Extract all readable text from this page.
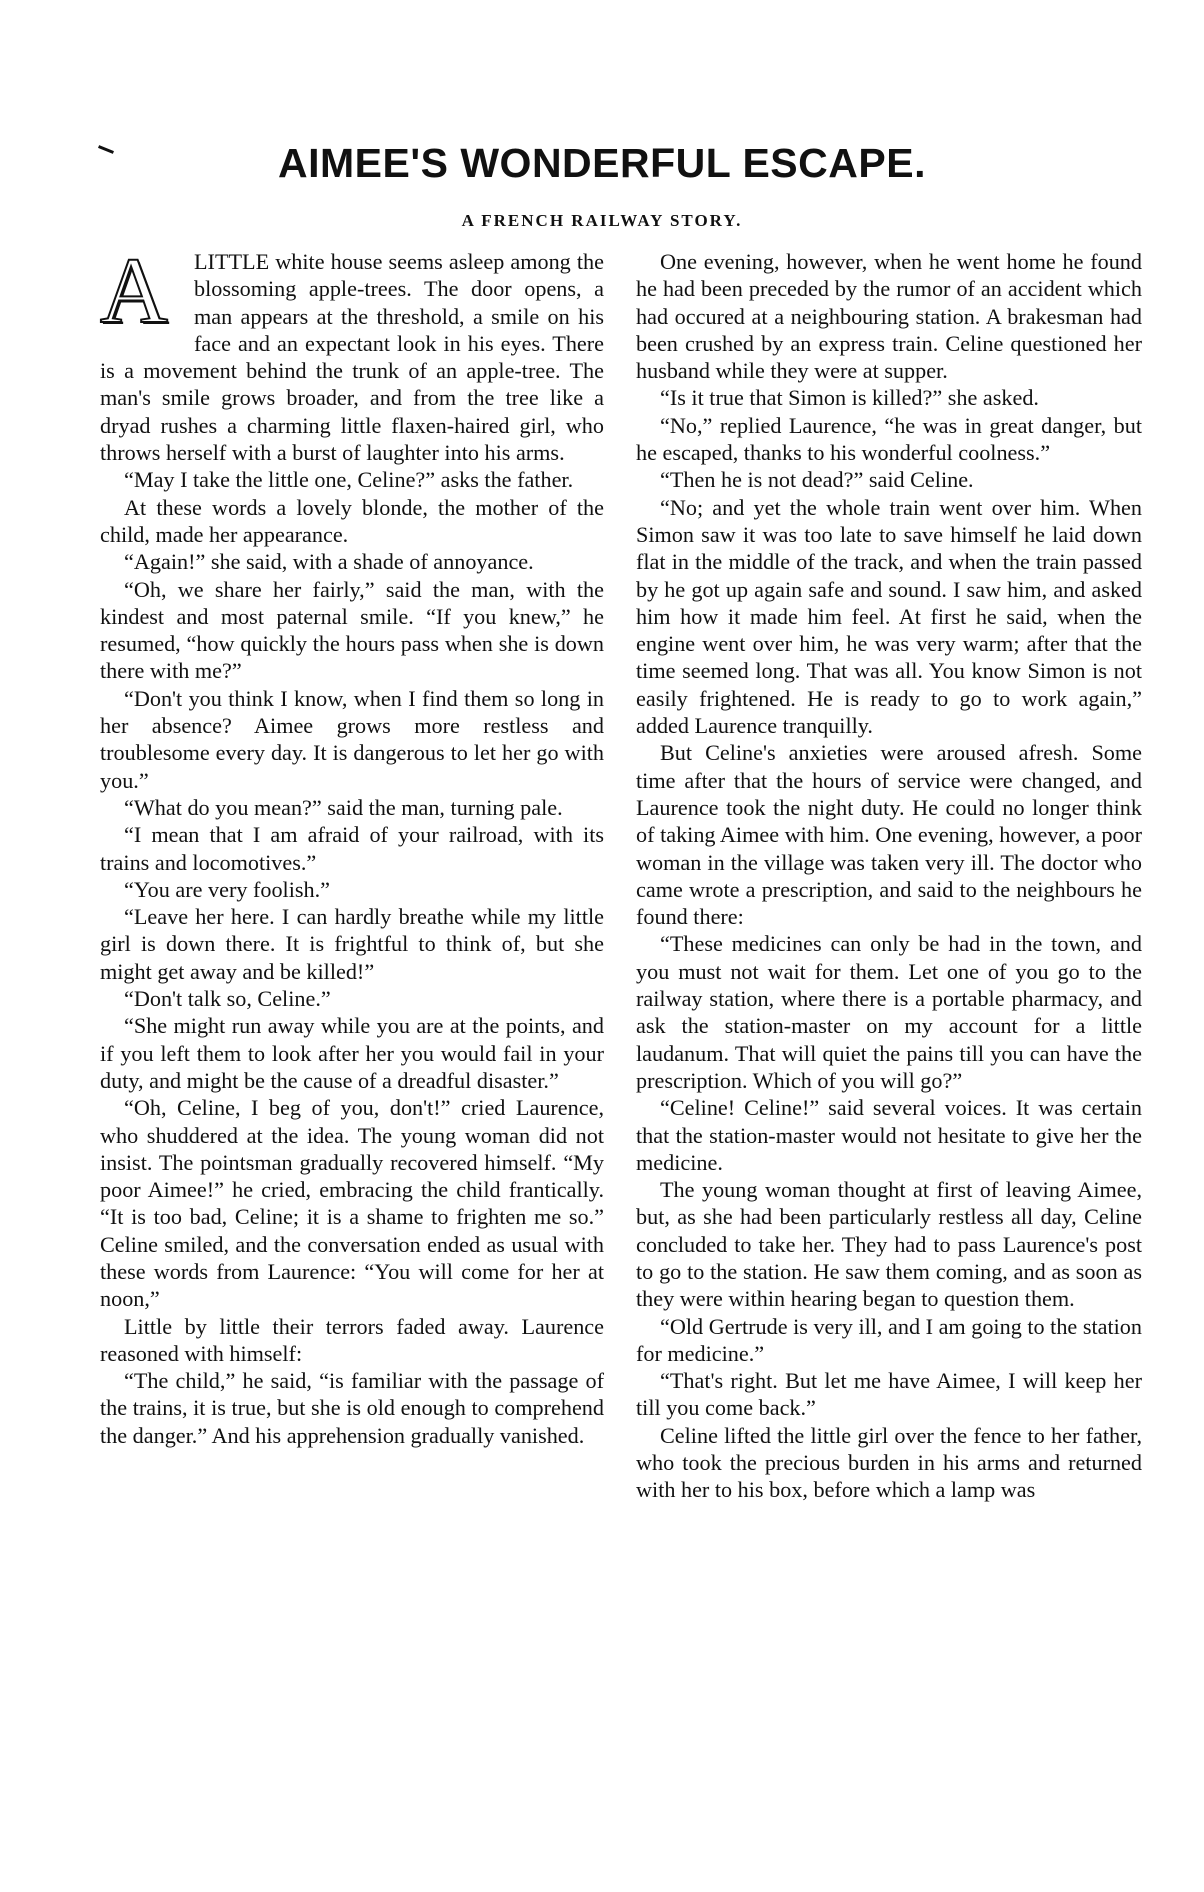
AIMEE'S WONDERFUL ESCAPE.
A FRENCH RAILWAY STORY.
A	LITTLE white house seems asleep among the blossoming apple-trees. The door opens, a man appears at the threshold, a smile on his face and an expectant look in his eyes. There is a movement behind the trunk of an apple-tree. The man's smile grows broader, and from the tree like a dryad rushes a charming little flaxen-haired girl, who throws herself with a burst of laughter into his arms.

“May I take the little one, Celine?” asks the father.

At these words a lovely blonde, the mother of the child, made her appearance.

“Again!” she said, with a shade of annoyance.

“Oh, we share her fairly,” said the man, with the kindest and most paternal smile. “If you knew,” he resumed, “how quickly the hours pass when she is down there with me?”

“Don't you think I know, when I find them so long in her absence? Aimee grows more restless and troublesome every day. It is dangerous to let her go with you.”

“What do you mean?” said the man, turning pale.

“I mean that I am afraid of your railroad, with its trains and locomotives.”

“You are very foolish.”

“Leave her here. I can hardly breathe while my little girl is down there. It is frightful to think of, but she might get away and be killed!”

“Don't talk so, Celine.”

“She might run away while you are at the points, and if you left them to look after her you would fail in your duty, and might be the cause of a dreadful disaster.”

“Oh, Celine, I beg of you, don't!” cried Laurence, who shuddered at the idea. The young woman did not insist. The pointsman gradually recovered himself. “My poor Aimee!” he cried, embracing the child frantically. “It is too bad, Celine; it is a shame to frighten me so.” Celine smiled, and the conversation ended as usual with these words from Laurence: “You will come for her at noon,”

Little by little their terrors faded away. Laurence reasoned with himself:

“The child,” he said, “is familiar with the passage of the trains, it is true, but she is old enough to comprehend the danger.” And his apprehension gradually vanished.

One evening, however, when he went home he found he had been preceded by the rumor of an accident which had occured at a neighbouring station. A brakesman had been crushed by an express train. Celine questioned her husband while they were at supper.

“Is it true that Simon is killed?” she asked.

“No,” replied Laurence, “he was in great danger, but he escaped, thanks to his wonderful coolness.”

“Then he is not dead?” said Celine.

“No; and yet the whole train went over him. When Simon saw it was too late to save himself he laid down flat in the middle of the track, and when the train passed by he got up again safe and sound. I saw him, and asked him how it made him feel. At first he said, when the engine went over him, he was very warm; after that the time seemed long. That was all. You know Simon is not easily frightened. He is ready to go to work again,” added Laurence tranquilly.

But Celine's anxieties were aroused afresh. Some time after that the hours of service were changed, and Laurence took the night duty. He could no longer think of taking Aimee with him. One evening, however, a poor woman in the village was taken very ill. The doctor who came wrote a prescription, and said to the neighbours he found there:

“These medicines can only be had in the town, and you must not wait for them. Let one of you go to the railway station, where there is a portable pharmacy, and ask the station-master on my account for a little laudanum. That will quiet the pains till you can have the prescription. Which of you will go?”

“Celine! Celine!” said several voices. It was certain that the station-master would not hesitate to give her the medicine.

The young woman thought at first of leaving Aimee, but, as she had been particularly restless all day, Celine concluded to take her. They had to pass Laurence's post to go to the station. He saw them coming, and as soon as they were within hearing began to question them.

“Old Gertrude is very ill, and I am going to the station for medicine.”

“That's right. But let me have Aimee, I will keep her till you come back.”

Celine lifted the little girl over the fence to her father, who took the precious burden in his arms and returned with her to his box, before which a lamp was
